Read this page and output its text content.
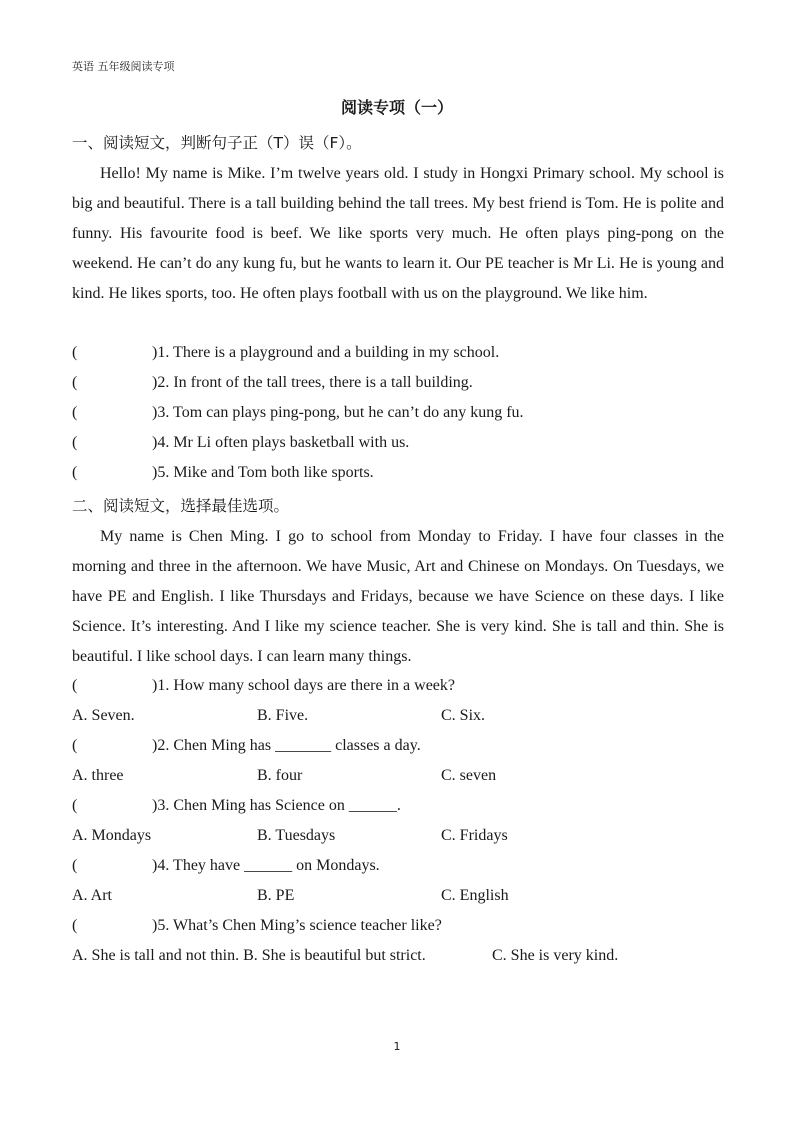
英语 五年级阅读专项
阅读专项（一）
一、阅读短文，判断句子正（T）误（F）。

Hello! My name is Mike. I’m twelve years old. I study in Hongxi Primary school. My school is big and beautiful. There is a tall building behind the tall trees. My best friend is Tom. He is polite and funny. His favourite food is beef. We like sports very much. He often plays ping-pong on the weekend. He can’t do any kung fu, but he wants to learn it. Our PE teacher is Mr Li. He is young and kind. He likes sports, too. He often plays football with us on the playground. We like him.

(	)1. There is a playground and a building in my school.
(	)2. In front of the tall trees, there is a tall building.
(	)3. Tom can plays ping-pong, but he can’t do any kung fu.
(	)4. Mr Li often plays basketball with us.
(	)5. Mike and Tom both like sports.
二、阅读短文，选择最佳选项。

My name is Chen Ming. I go to school from Monday to Friday. I have four classes in the morning and three in the afternoon. We have Music, Art and Chinese on Mondays. On Tuesdays, we have PE and English. I like Thursdays and Fridays, because we have Science on these days. I like Science. It’s interesting. And I like my science teacher. She is very kind. She is tall and thin. She is beautiful. I like school days. I can learn many things.

(	)1. How many school days are there in a week?
A. Seven.	B. Five.	C. Six.
(	)2. Chen Ming has _______ classes a day.
A. three	B. four	C. seven
(	)3. Chen Ming has Science on ______.
A. Mondays	B. Tuesdays	C. Fridays
(	)4. They have ______ on Mondays.
A. Art	B. PE	C. English
(	)5. What’s Chen Ming’s science teacher like?
A. She is tall and not thin. B. She is beautiful but strict.	C. She is very kind.
1
